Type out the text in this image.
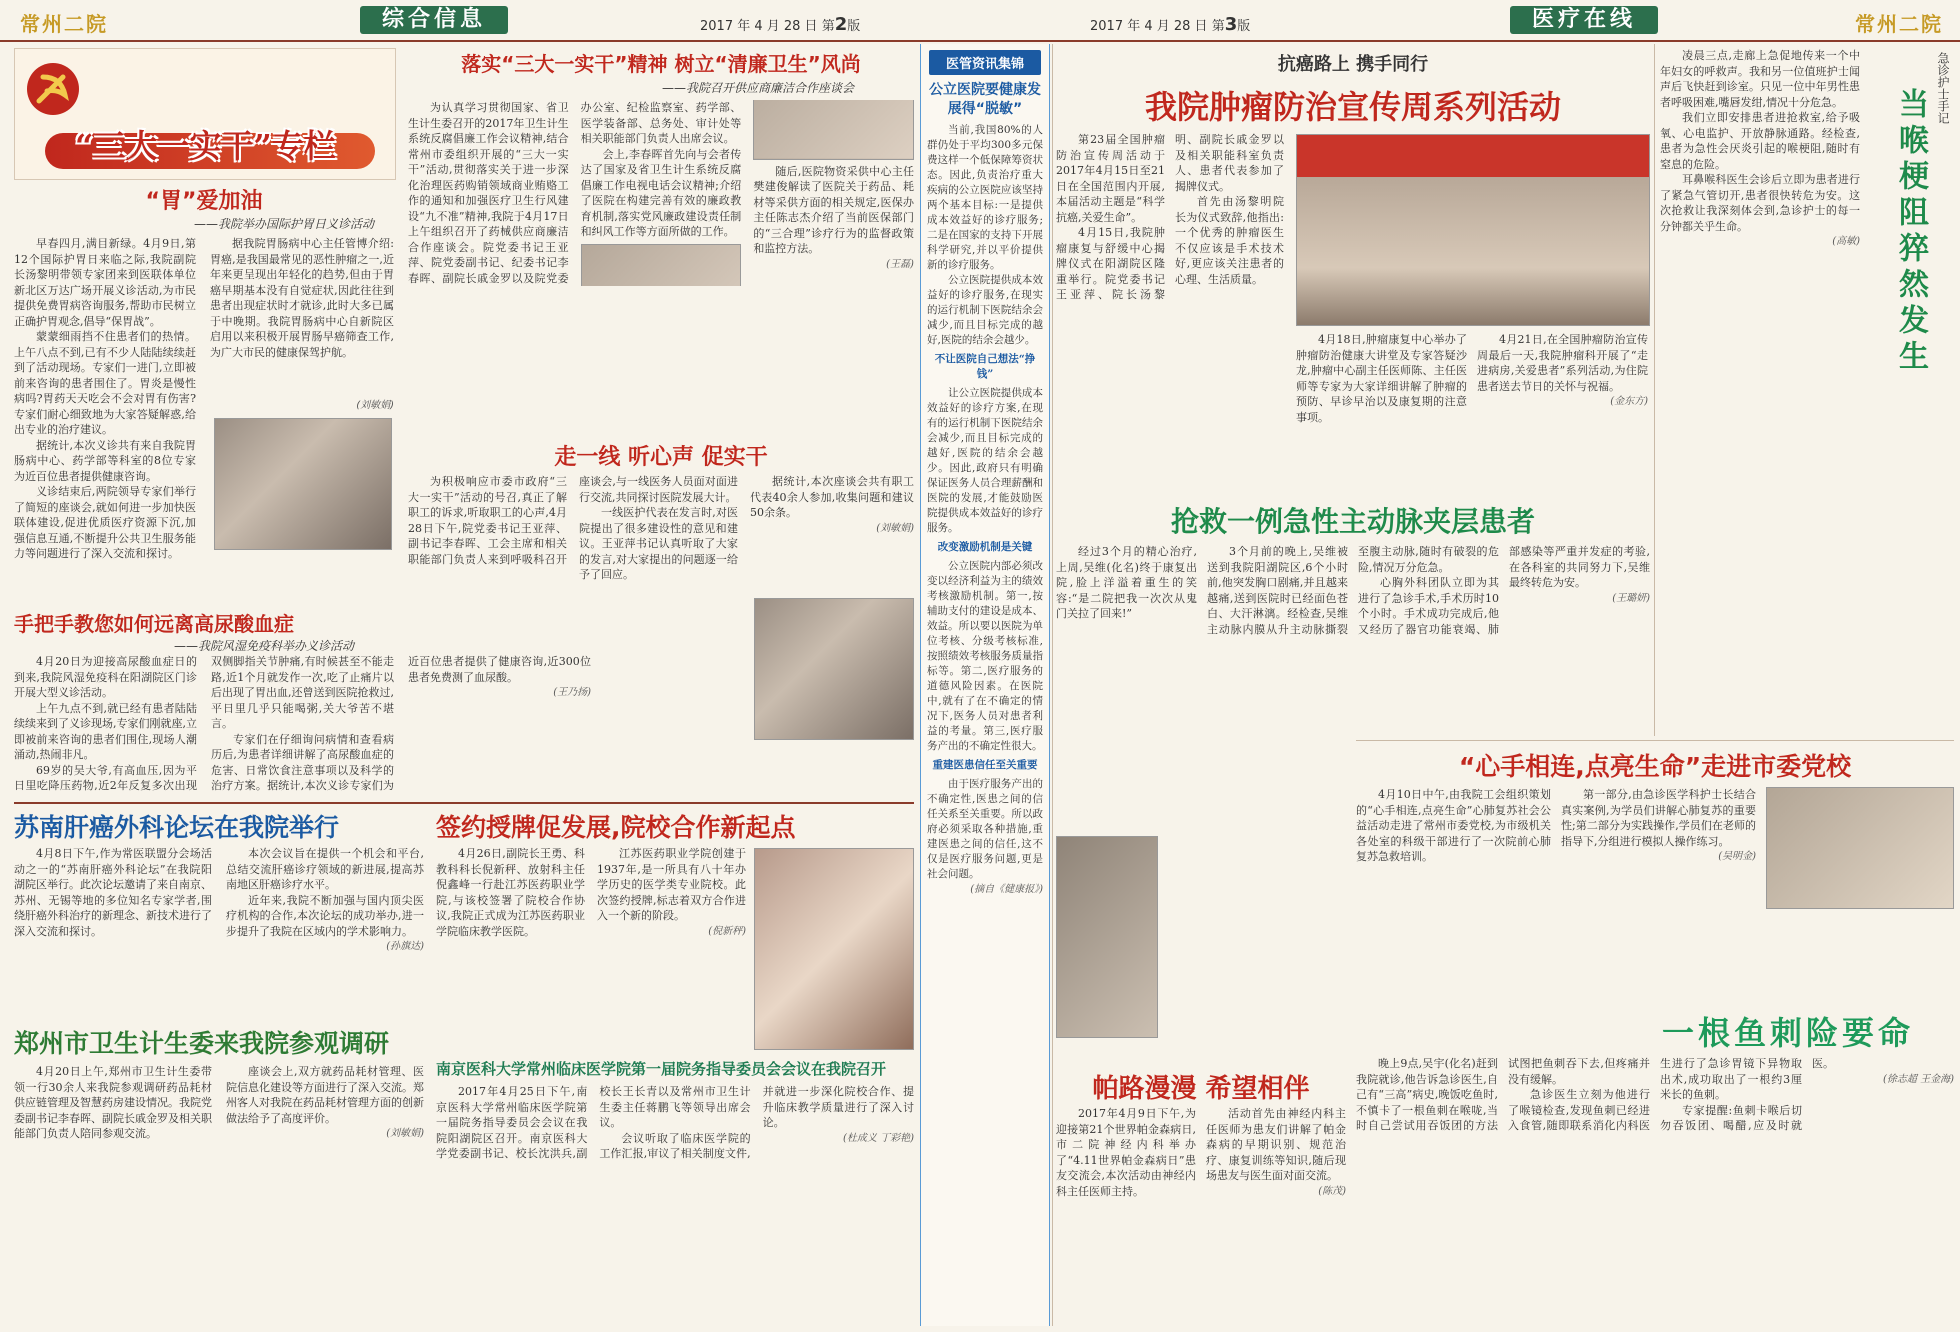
常州二院	综合信息	2017 年 4 月 28 日 第2版	2017 年 4 月 28 日 第3版	医疗在线	常州二院
“三大一实干”专栏
“胃”爱加油
——我院举办国际护胃日义诊活动

早春四月,满目新绿。4月9日,第12个国际护胃日来临之际,我院副院长汤黎明带领专家团来到医联体单位新北区万达广场开展义诊活动,为市民提供免费胃病咨询服务,帮助市民树立正确护胃观念,倡导“保胃战”。

蒙蒙细雨挡不住患者们的热情。上午八点不到,已有不少人陆陆续续赶到了活动现场。专家们一进门,立即被前来咨询的患者围住了。胃炎是慢性病吗?胃药天天吃会不会对胃有伤害?专家们耐心细致地为大家答疑解惑,给出专业的治疗建议。

据统计,本次义诊共有来自我院胃肠病中心、药学部等科室的8位专家为近百位患者提供健康咨询。

义诊结束后,两院领导专家们举行了简短的座谈会,就如何进一步加快医联体建设,促进优质医疗资源下沉,加强信息互通,不断提升公共卫生服务能力等问题进行了深入交流和探讨。

据我院胃肠病中心主任管博介绍:胃癌,是我国最常见的恶性肿瘤之一,近年来更呈现出年轻化的趋势,但由于胃癌早期基本没有自觉症状,因此往往到患者出现症状时才就诊,此时大多已属于中晚期。我院胃肠病中心自新院区启用以来积极开展胃肠早癌筛查工作,为广大市民的健康保驾护航。

(刘敏娟)
手把手教您如何远离高尿酸血症
——我院风湿免疫科举办义诊活动

4月20日为迎接高尿酸血症日的到来,我院风湿免疫科在阳湖院区门诊开展大型义诊活动。

上午九点不到,就已经有患者陆陆续续来到了义诊现场,专家们刚就座,立即被前来咨询的患者们围住,现场人潮涌动,热闹非凡。

69岁的吴大爷,有高血压,因为平日里吃降压药物,近2年反复多次出现双侧脚指关节肿痛,有时候甚至不能走路,近1个月就发作一次,吃了止痛片以后出现了胃出血,还曾送到医院抢救过,平日里几乎只能喝粥,关大爷苦不堪言。

专家们在仔细询问病情和查看病历后,为患者详细讲解了高尿酸血症的危害、日常饮食注意事项以及科学的治疗方案。据统计,本次义诊专家们为近百位患者提供了健康咨询,近300位患者免费测了血尿酸。

(王乃扬)
落实“三大一实干”精神 树立“清廉卫生”风尚
——我院召开供应商廉洁合作座谈会

为认真学习贯彻国家、省卫生计生委召开的2017年卫生计生系统反腐倡廉工作会议精神,结合常州市委组织开展的“三大一实干”活动,贯彻落实关于进一步深化治理医药购销领域商业贿赂工作的通知和加强医疗卫生行风建设“九不准”精神,我院于4月17日上午组织召开了药械供应商廉洁合作座谈会。院党委书记王亚萍、院党委副书记、纪委书记李春晖、副院长戚金罗以及院党委办公室、纪检监察室、药学部、医学装备部、总务处、审计处等相关职能部门负责人出席会议。

会上,李春晖首先向与会者传达了国家及省卫生计生系统反腐倡廉工作电视电话会议精神;介绍了医院在构建完善有效的廉政教育机制,落实党风廉政建设责任制和纠风工作等方面所做的工作。

随后,医院物资采供中心主任樊建俊解读了医院关于药品、耗材等采供方面的相关规定,医保办主任陈志杰介绍了当前医保部门的“三合理”诊疗行为的监督政策和监控方法。

(王磊)
走一线 听心声 促实干

为积极响应市委市政府“三大一实干”活动的号召,真正了解职工的诉求,听取职工的心声,4月28日下午,院党委书记王亚萍、副书记李春晖、工会主席和相关职能部门负责人来到呼吸科召开座谈会,与一线医务人员面对面进行交流,共同探讨医院发展大计。

一线医护代表在发言时,对医院提出了很多建设性的意见和建议。王亚萍书记认真听取了大家的发言,对大家提出的问题逐一给予了回应。

据统计,本次座谈会共有职工代表40余人参加,收集问题和建议50余条。

(刘敏娟)
苏南肝癌外科论坛在我院举行

4月8日下午,作为常医联盟分会场活动之一的“苏南肝癌外科论坛”在我院阳湖院区举行。此次论坛邀请了来自南京、苏州、无锡等地的多位知名专家学者,围绕肝癌外科治疗的新理念、新技术进行了深入交流和探讨。

本次会议旨在提供一个机会和平台,总结交流肝癌诊疗领域的新进展,提高苏南地区肝癌诊疗水平。

近年来,我院不断加强与国内顶尖医疗机构的合作,本次论坛的成功举办,进一步提升了我院在区域内的学术影响力。

(孙旗达)
郑州市卫生计生委来我院参观调研

4月20日上午,郑州市卫生计生委带领一行30余人来我院参观调研药品耗材供应链管理及智慧药房建设情况。我院党委副书记李春晖、副院长戚金罗及相关职能部门负责人陪同参观交流。

座谈会上,双方就药品耗材管理、医院信息化建设等方面进行了深入交流。郑州客人对我院在药品耗材管理方面的创新做法给予了高度评价。

(刘敏娟)
签约授牌促发展,院校合作新起点

4月26日,副院长王勇、科教科科长倪新秤、放射科主任倪鑫峰一行赴江苏医药职业学院,与该校签署了院校合作协议,我院正式成为江苏医药职业学院临床教学医院。

江苏医药职业学院创建于1937年,是一所具有八十年办学历史的医学类专业院校。此次签约授牌,标志着双方合作进入一个新的阶段。

(倪新秤)
南京医科大学常州临床医学院第一届院务指导委员会会议在我院召开

2017年4月25日下午,南京医科大学常州临床医学院第一届院务指导委员会会议在我院阳湖院区召开。南京医科大学党委副书记、校长沈洪兵,副校长王长青以及常州市卫生计生委主任蒋鹏飞等领导出席会议。

会议听取了临床医学院的工作汇报,审议了相关制度文件,并就进一步深化院校合作、提升临床教学质量进行了深入讨论。

(杜成义 丁彩艳)
医管资讯集锦
公立医院要健康发展得“脱敏”

当前,我国80%的人群仍处于平均300多元保费这样一个低保障筹资状态。因此,负责治疗重大疾病的公立医院应该坚持两个基本目标:一是提供成本效益好的诊疗服务;二是在国家的支持下开展科学研究,并以平价提供新的诊疗服务。

公立医院提供成本效益好的诊疗服务,在现实的运行机制下医院结余会减少,而且目标完成的越好,医院的结余会越少。

不让医院自己想法“挣钱”

让公立医院提供成本效益好的诊疗方案,在现有的运行机制下医院结余会减少,而且目标完成的越好,医院的结余会越少。因此,政府只有明确保证医务人员合理薪酬和医院的发展,才能鼓励医院提供成本效益好的诊疗服务。

改变激励机制是关键

公立医院内部必须改变以经济利益为主的绩效考核激励机制。第一,按辅助支付的建设是成本、效益。所以要以医院为单位考核、分级考核标准,按照绩效考核服务质量指标等。第二,医疗服务的道德风险因素。在医院中,就有了在不确定的情况下,医务人员对患者利益的考量。第三,医疗服务产出的不确定性很大。

重建医患信任至关重要

由于医疗服务产出的不确定性,医患之间的信任关系至关重要。所以政府必须采取各种措施,重建医患之间的信任,这不仅是医疗服务问题,更是社会问题。

(摘自《健康报》)
抗癌路上 携手同行
我院肿瘤防治宣传周系列活动

第23届全国肿瘤防治宣传周活动于2017年4月15日至21日在全国范围内开展,本届活动主题是“科学抗癌,关爱生命”。

4月15日,我院肿瘤康复与舒缓中心揭牌仪式在阳湖院区隆重举行。院党委书记王亚萍、院长汤黎明、副院长戚金罗以及相关职能科室负责人、患者代表参加了揭牌仪式。

首先由汤黎明院长为仪式致辞,他指出:一个优秀的肿瘤医生不仅应该是手术技术好,更应该关注患者的心理、生活质量。

4月18日,肿瘤康复中心举办了肿瘤防治健康大讲堂及专家答疑沙龙,肿瘤中心副主任医师陈、主任医师等专家为大家详细讲解了肿瘤的预防、早诊早治以及康复期的注意事项。

4月21日,在全国肿瘤防治宣传周最后一天,我院肿瘤科开展了“走进病房,关爱患者”系列活动,为住院患者送去节日的关怀与祝福。

(金东方)
抢救一例急性主动脉夹层患者

经过3个月的精心治疗,上周,吴维(化名)终于康复出院,脸上洋溢着重生的笑容:“是二院把我一次次从鬼门关拉了回来!”

3个月前的晚上,吴维被送到我院阳湖院区,6个小时前,他突发胸口剧痛,并且越来越痛,送到医院时已经面色苍白、大汗淋漓。经检查,吴维主动脉内膜从升主动脉撕裂至腹主动脉,随时有破裂的危险,情况万分危急。

心胸外科团队立即为其进行了急诊手术,手术历时10个小时。手术成功完成后,他又经历了器官功能衰竭、肺部感染等严重并发症的考验,在各科室的共同努力下,吴维最终转危为安。

(王璐妍)
帕路漫漫 希望相伴

2017年4月9日下午,为迎接第21个世界帕金森病日,市二院神经内科举办了“4.11世界帕金森病日”患友交流会,本次活动由神经内科主任医师主持。

活动首先由神经内科主任医师为患友们讲解了帕金森病的早期识别、规范治疗、康复训练等知识,随后现场患友与医生面对面交流。

(陈茂)
“心手相连,点亮生命”走进市委党校

4月10日中午,由我院工会组织策划的“心手相连,点亮生命”心肺复苏社会公益活动走进了常州市委党校,为市级机关各处室的科级干部进行了一次院前心肺复苏急救培训。

第一部分,由急诊医学科护士长结合真实案例,为学员们讲解心肺复苏的重要性;第二部分为实践操作,学员们在老师的指导下,分组进行模拟人操作练习。

(吴明金)
一根鱼刺险要命

晚上9点,吴宇(化名)赶到我院就诊,他告诉急诊医生,自己有“三高”病史,晚饭吃鱼时,不慎卡了一根鱼刺在喉咙,当时自己尝试用吞饭团的方法试图把鱼刺吞下去,但疼痛并没有缓解。

急诊医生立刻为他进行了喉镜检查,发现鱼刺已经进入食管,随即联系消化内科医生进行了急诊胃镜下异物取出术,成功取出了一根约3厘米长的鱼刺。

专家提醒:鱼刺卡喉后切勿吞饭团、喝醋,应及时就医。

(徐志超 王金海)
急诊护士手记
当喉梗阻猝然发生

凌晨三点,走廊上急促地传来一个中年妇女的呼救声。我和另一位值班护士闻声后飞快赶到诊室。只见一位中年男性患者呼吸困难,嘴唇发绀,情况十分危急。

我们立即安排患者进抢救室,给予吸氧、心电监护、开放静脉通路。经检查,患者为急性会厌炎引起的喉梗阻,随时有窒息的危险。

耳鼻喉科医生会诊后立即为患者进行了紧急气管切开,患者很快转危为安。这次抢救让我深刻体会到,急诊护士的每一分钟都关乎生命。

(高敏)
